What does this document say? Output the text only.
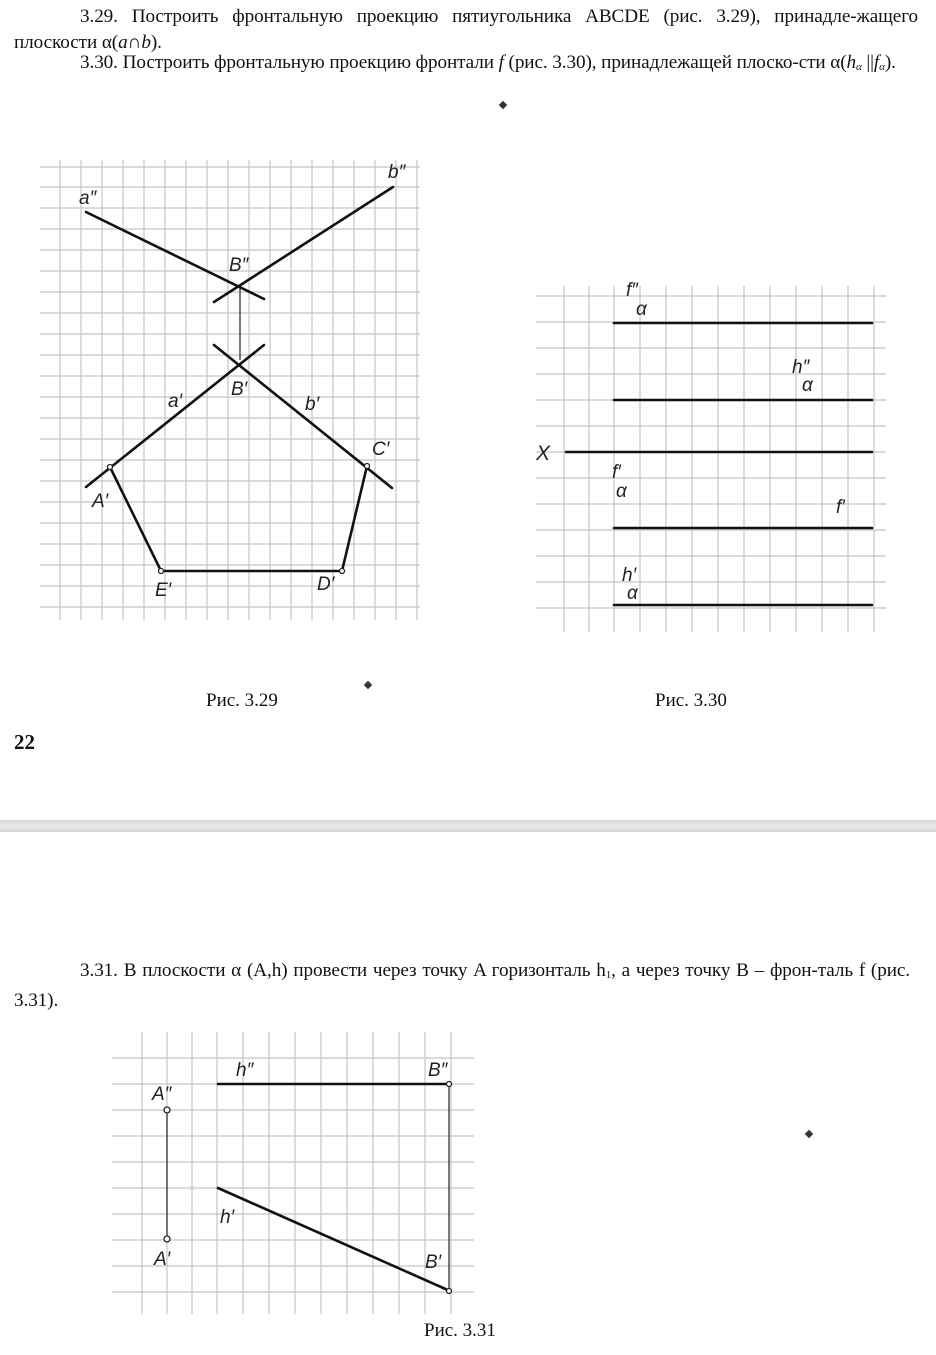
3.29. Построить фронтальную проекцию пятиугольника ABCDE (рис. 3.29), принадле-жащего плоскости α(a∩b).

3.30. Построить фронтальную проекцию фронтали f (рис. 3.30), принадлежащей плоско-сти α(hα ||fα).

a″
b″
B″
a′
B′
b′
C′
A′
E′	D′
f″
α
h″
α
X
f′
α
f′
h′
α
Рис. 3.29	Рис. 3.30
22

3.31. В плоскости α (A,h) провести через точку A горизонталь h1, а через точку B – фрон-таль f (рис. 3.31).

h″	B″
A″
h′
A′	B′
Рис. 3.31
